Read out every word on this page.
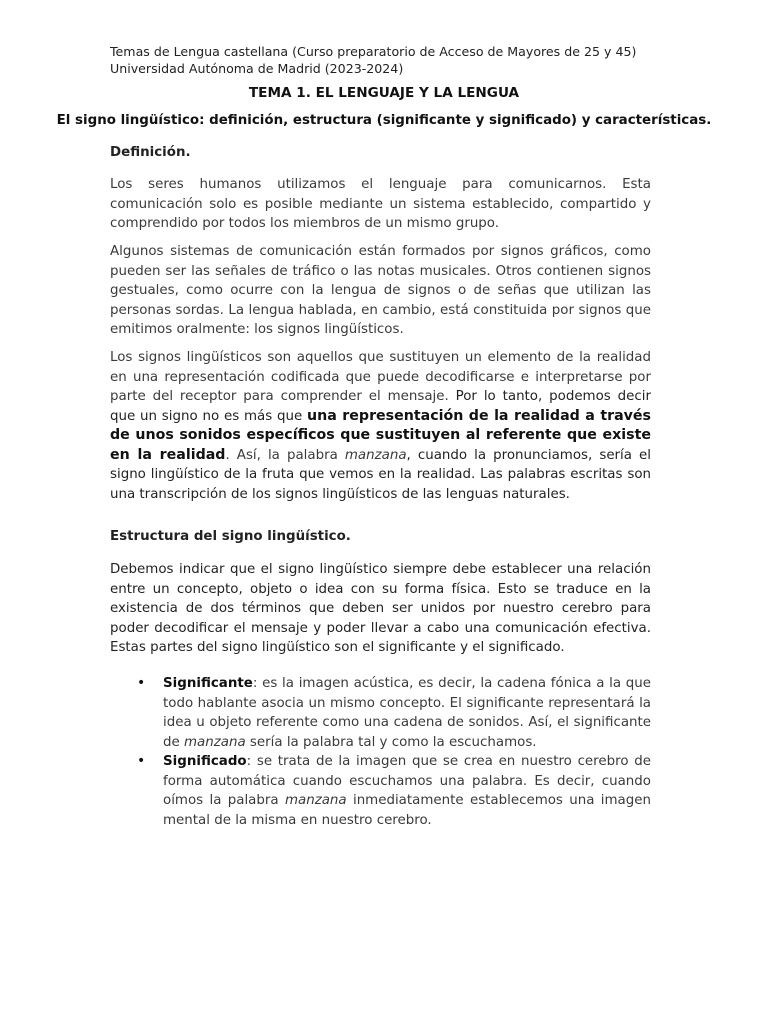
Temas de Lengua castellana (Curso preparatorio de Acceso de Mayores de 25 y 45)
Universidad Autónoma de Madrid (2023-2024)
TEMA 1. EL LENGUAJE Y LA LENGUA
El signo lingüístico: definición, estructura (significante y significado) y características.
Definición.
Los seres humanos utilizamos el lenguaje para comunicarnos. Esta comunicación solo es posible mediante un sistema establecido, compartido y comprendido por todos los miembros de un mismo grupo.
Algunos sistemas de comunicación están formados por signos gráficos, como pueden ser las señales de tráfico o las notas musicales. Otros contienen signos gestuales, como ocurre con la lengua de signos o de señas que utilizan las personas sordas. La lengua hablada, en cambio, está constituida por signos que emitimos oralmente: los signos lingüísticos.
Los signos lingüísticos son aquellos que sustituyen un elemento de la realidad en una representación codificada que puede decodificarse e interpretarse por parte del receptor para comprender el mensaje. Por lo tanto, podemos decir que un signo no es más que una representación de la realidad a través de unos sonidos específicos que sustituyen al referente que existe en la realidad. Así, la palabra manzana, cuando la pronunciamos, sería el signo lingüístico de la fruta que vemos en la realidad. Las palabras escritas son una transcripción de los signos lingüísticos de las lenguas naturales.
Estructura del signo lingüístico.
Debemos indicar que el signo lingüístico siempre debe establecer una relación entre un concepto, objeto o idea con su forma física. Esto se traduce en la existencia de dos términos que deben ser unidos por nuestro cerebro para poder decodificar el mensaje y poder llevar a cabo una comunicación efectiva. Estas partes del signo lingüístico son el significante y el significado.
• Significante: es la imagen acústica, es decir, la cadena fónica a la que todo hablante asocia un mismo concepto. El significante representará la idea u objeto referente como una cadena de sonidos. Así, el significante de manzana sería la palabra tal y como la escuchamos.
• Significado: se trata de la imagen que se crea en nuestro cerebro de forma automática cuando escuchamos una palabra. Es decir, cuando oímos la palabra manzana inmediatamente establecemos una imagen mental de la misma en nuestro cerebro.
